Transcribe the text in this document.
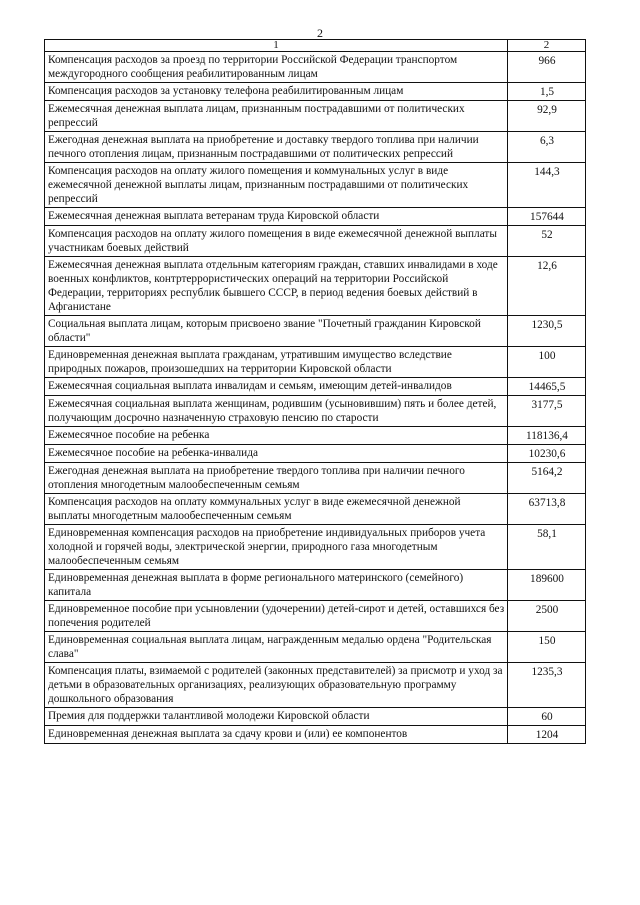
2
1	2
Компенсация расходов за проезд по территории Российской Федерации транспортом междугородного сообщения реабилитированным лицам	966
Компенсация расходов за установку телефона реабилитированным лицам	1,5
Ежемесячная денежная выплата лицам, признанным пострадавшими от политических репрессий	92,9
Ежегодная денежная выплата на приобретение и доставку твердого топлива при наличии печного отопления лицам, признанным пострадавшими от политических репрессий	6,3
Компенсация расходов на оплату жилого помещения и коммунальных услуг в виде ежемесячной денежной выплаты лицам, признанным пострадавшими от политических репрессий	144,3
Ежемесячная денежная выплата ветеранам труда Кировской области	157644
Компенсация расходов на оплату жилого помещения в виде ежемесячной денежной выплаты участникам боевых действий	52
Ежемесячная денежная выплата отдельным категориям граждан, ставших инвалидами в ходе военных конфликтов, контртеррористических операций на территории Российской Федерации, территориях республик бывшего СССР, в период ведения боевых действий в Афганистане	12,6
Социальная выплата лицам, которым присвоено звание "Почетный гражданин Кировской области"	1230,5
Единовременная денежная выплата гражданам, утратившим имущество вследствие природных пожаров, произошедших на территории Кировской области	100
Ежемесячная социальная выплата инвалидам и семьям, имеющим детей-инвалидов	14465,5
Ежемесячная социальная выплата женщинам, родившим (усыновившим) пять и более детей, получающим досрочно назначенную страховую пенсию по старости	3177,5
Ежемесячное пособие на ребенка	118136,4
Ежемесячное пособие на ребенка-инвалида	10230,6
Ежегодная денежная выплата на приобретение твердого топлива при наличии печного отопления многодетным малообеспеченным семьям	5164,2
Компенсация расходов на оплату коммунальных услуг в виде ежемесячной денежной выплаты многодетным малообеспеченным семьям	63713,8
Единовременная компенсация расходов на приобретение индивидуальных приборов учета холодной и горячей воды, электрической энергии, природного газа многодетным малообеспеченным семьям	58,1
Единовременная денежная выплата в форме регионального материнского (семейного) капитала	189600
Единовременное пособие при усыновлении (удочерении) детей-сирот и детей, оставшихся без попечения родителей	2500
Единовременная социальная выплата лицам, награжденным медалью ордена "Родительская слава"	150
Компенсация платы, взимаемой с родителей (законных представителей) за присмотр и уход за детьми в образовательных организациях, реализующих образовательную программу дошкольного образования	1235,3
Премия для поддержки талантливой молодежи Кировской области	60
Единовременная денежная выплата за сдачу крови и (или) ее компонентов	1204
